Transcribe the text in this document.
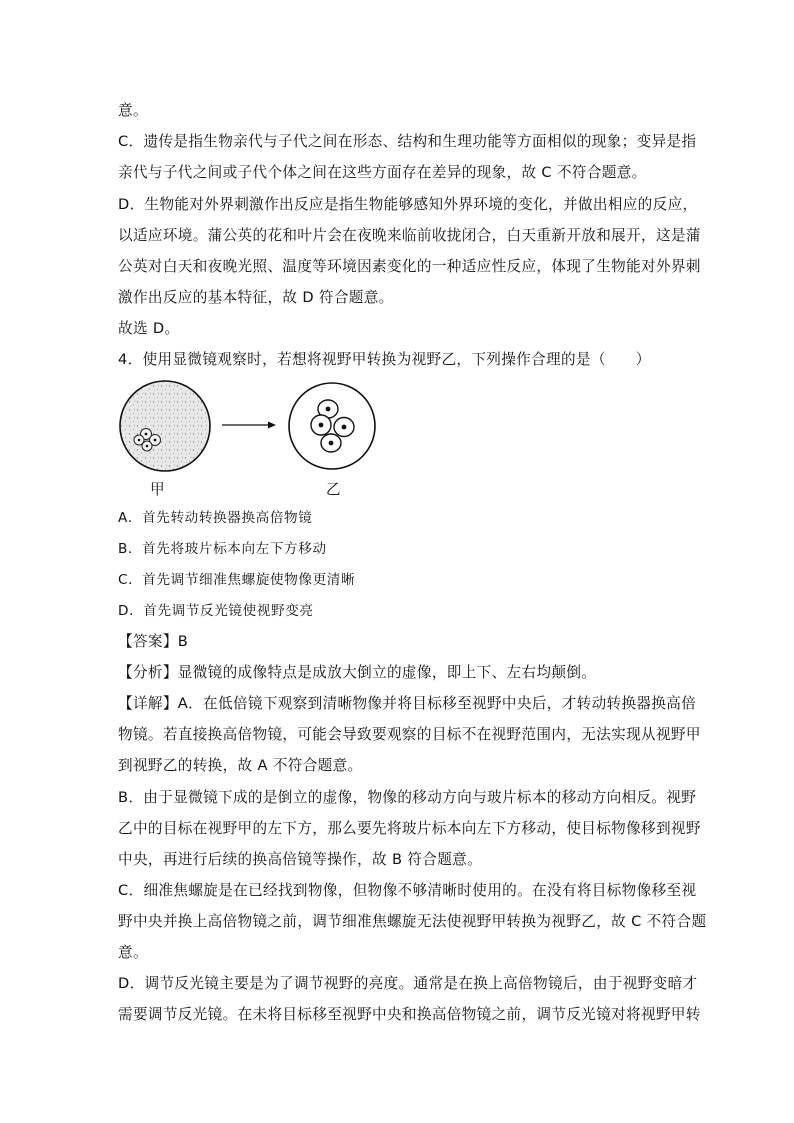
意。
C．遗传是指生物亲代与子代之间在形态、结构和生理功能等方面相似的现象；变异是指
亲代与子代之间或子代个体之间在这些方面存在差异的现象，故 C 不符合题意。
D．生物能对外界刺激作出反应是指生物能够感知外界环境的变化，并做出相应的反应，
以适应环境。蒲公英的花和叶片会在夜晚来临前收拢闭合，白天重新开放和展开，这是蒲
公英对白天和夜晚光照、温度等环境因素变化的一种适应性反应，体现了生物能对外界刺
激作出反应的基本特征，故 D 符合题意。
故选 D。
4．使用显微镜观察时，若想将视野甲转换为视野乙，下列操作合理的是（　　）
甲	乙
A．首先转动转换器换高倍物镜
B．首先将玻片标本向左下方移动
C．首先调节细准焦螺旋使物像更清晰
D．首先调节反光镜使视野变亮
【答案】B
【分析】显微镜的成像特点是成放大倒立的虚像，即上下、左右均颠倒。
【详解】A．在低倍镜下观察到清晰物像并将目标移至视野中央后，才转动转换器换高倍
物镜。若直接换高倍物镜，可能会导致要观察的目标不在视野范围内，无法实现从视野甲
到视野乙的转换，故 A 不符合题意。
B．由于显微镜下成的是倒立的虚像，物像的移动方向与玻片标本的移动方向相反。视野
乙中的目标在视野甲的左下方，那么要先将玻片标本向左下方移动，使目标物像移到视野
中央，再进行后续的换高倍镜等操作，故 B 符合题意。
C．细准焦螺旋是在已经找到物像，但物像不够清晰时使用的。在没有将目标物像移至视
野中央并换上高倍物镜之前，调节细准焦螺旋无法使视野甲转换为视野乙，故 C 不符合题
意。
D．调节反光镜主要是为了调节视野的亮度。通常是在换上高倍物镜后，由于视野变暗才
需要调节反光镜。在未将目标移至视野中央和换高倍物镜之前，调节反光镜对将视野甲转
